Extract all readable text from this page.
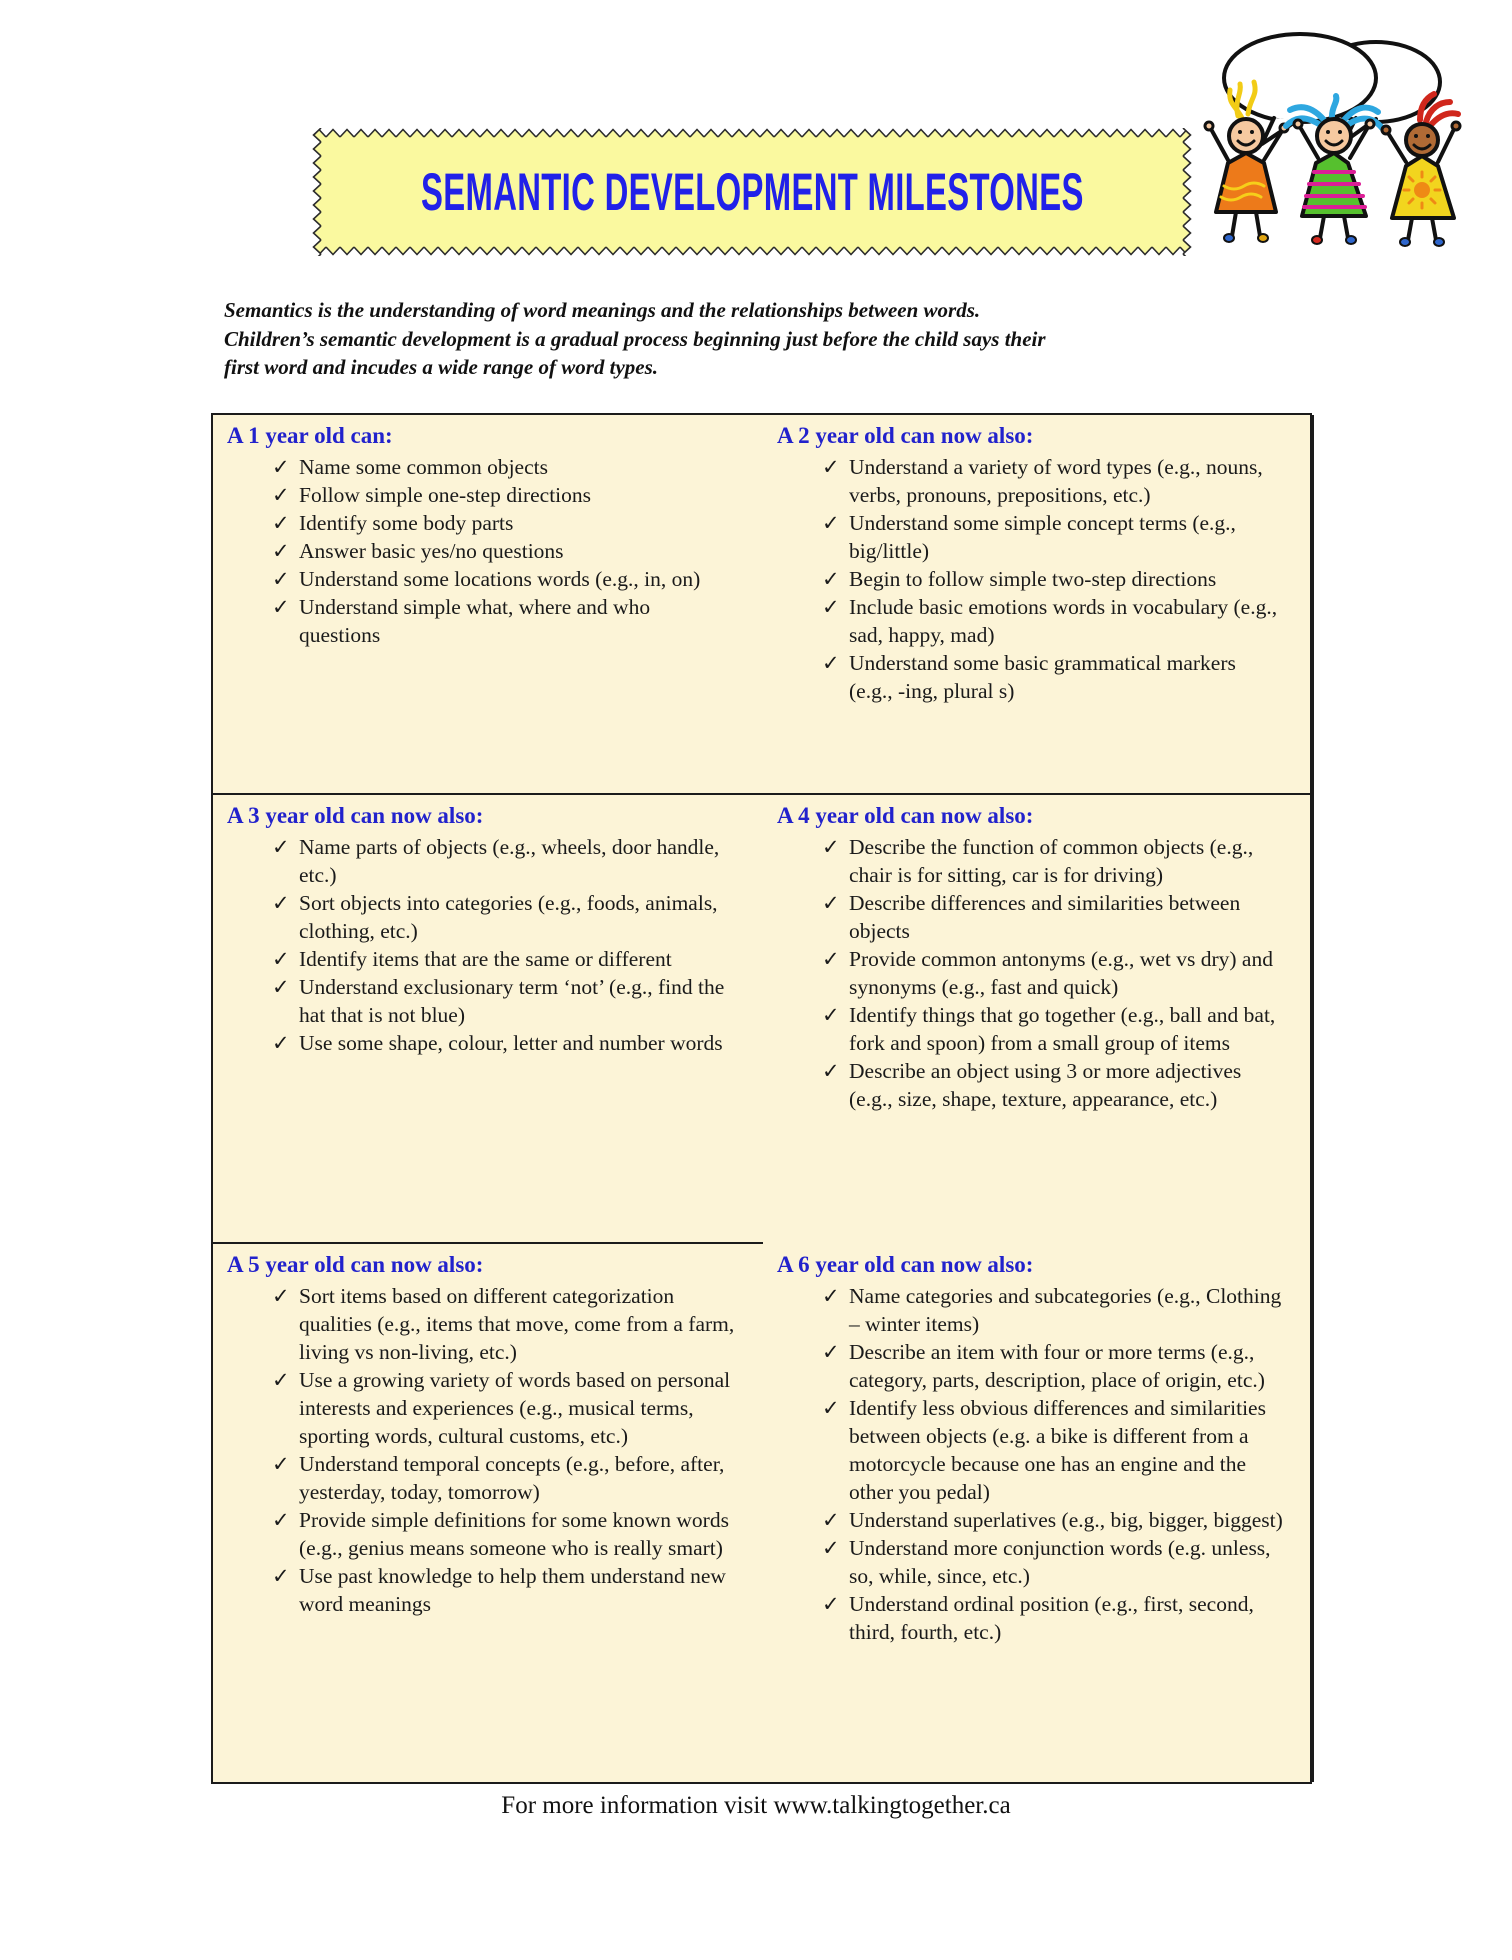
SEMANTIC DEVELOPMENT MILESTONES
Semantics is the understanding of word meanings and the relationships between words.
Children’s semantic development is a gradual process beginning just before the child says their
first word and incudes a wide range of word types.
A 1 year old can:
✓ Name some common objects
✓ Follow simple one-step directions
✓ Identify some body parts
✓ Answer basic yes/no questions
✓ Understand some locations words (e.g., in, on)
✓ Understand simple what, where and who questions
A 2 year old can now also:
✓ Understand a variety of word types (e.g., nouns, verbs, pronouns, prepositions, etc.)
✓ Understand some simple concept terms (e.g., big/little)
✓ Begin to follow simple two-step directions
✓ Include basic emotions words in vocabulary (e.g., sad, happy, mad)
✓ Understand some basic grammatical markers (e.g., -ing, plural s)
A 3 year old can now also:
✓ Name parts of objects (e.g., wheels, door handle, etc.)
✓ Sort objects into categories (e.g., foods, animals, clothing, etc.)
✓ Identify items that are the same or different
✓ Understand exclusionary term ‘not’ (e.g., find the hat that is not blue)
✓ Use some shape, colour, letter and number words
A 4 year old can now also:
✓ Describe the function of common objects (e.g., chair is for sitting, car is for driving)
✓ Describe differences and similarities between objects
✓ Provide common antonyms (e.g., wet vs dry) and synonyms (e.g., fast and quick)
✓ Identify things that go together (e.g., ball and bat, fork and spoon) from a small group of items
✓ Describe an object using 3 or more adjectives (e.g., size, shape, texture, appearance, etc.)
A 5 year old can now also:
✓ Sort items based on different categorization qualities (e.g., items that move, come from a farm, living vs non-living, etc.)
✓ Use a growing variety of words based on personal interests and experiences (e.g., musical terms, sporting words, cultural customs, etc.)
✓ Understand temporal concepts (e.g., before, after, yesterday, today, tomorrow)
✓ Provide simple definitions for some known words (e.g., genius means someone who is really smart)
✓ Use past knowledge to help them understand new word meanings
A 6 year old can now also:
✓ Name categories and subcategories (e.g., Clothing – winter items)
✓ Describe an item with four or more terms (e.g., category, parts, description, place of origin, etc.)
✓ Identify less obvious differences and similarities between objects (e.g. a bike is different from a motorcycle because one has an engine and the other you pedal)
✓ Understand superlatives (e.g., big, bigger, biggest)
✓ Understand more conjunction words (e.g. unless, so, while, since, etc.)
✓ Understand ordinal position (e.g., first, second, third, fourth, etc.)
For more information visit www.talkingtogether.ca
